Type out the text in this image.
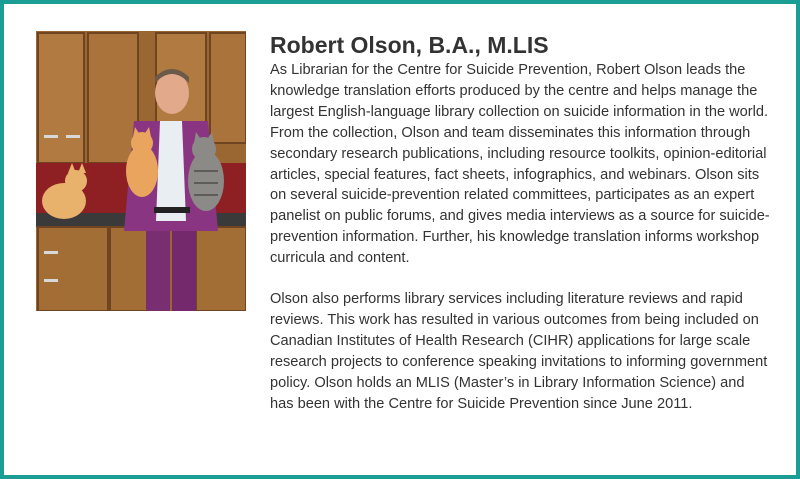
Robert Olson, B.A., M.LIS

As Librarian for the Centre for Suicide Prevention, Robert Olson leads the knowledge translation efforts produced by the centre and helps manage the largest English-language library collection on suicide information in the world. From the collection, Olson and team disseminates this information through secondary research publications, including resource toolkits, opinion-editorial articles, special features, fact sheets, infographics, and webinars. Olson sits on several suicide-prevention related committees, participates as an expert panelist on public forums, and gives media interviews as a source for suicide-prevention information. Further, his knowledge translation informs workshop curricula and content.

Olson also performs library services including literature reviews and rapid reviews. This work has resulted in various outcomes from being included on Canadian Institutes of Health Research (CIHR) applications for large scale research projects to conference speaking invitations to informing government policy. Olson holds an MLIS (Master’s in Library Information Science) and has been with the Centre for Suicide Prevention since June 2011.
